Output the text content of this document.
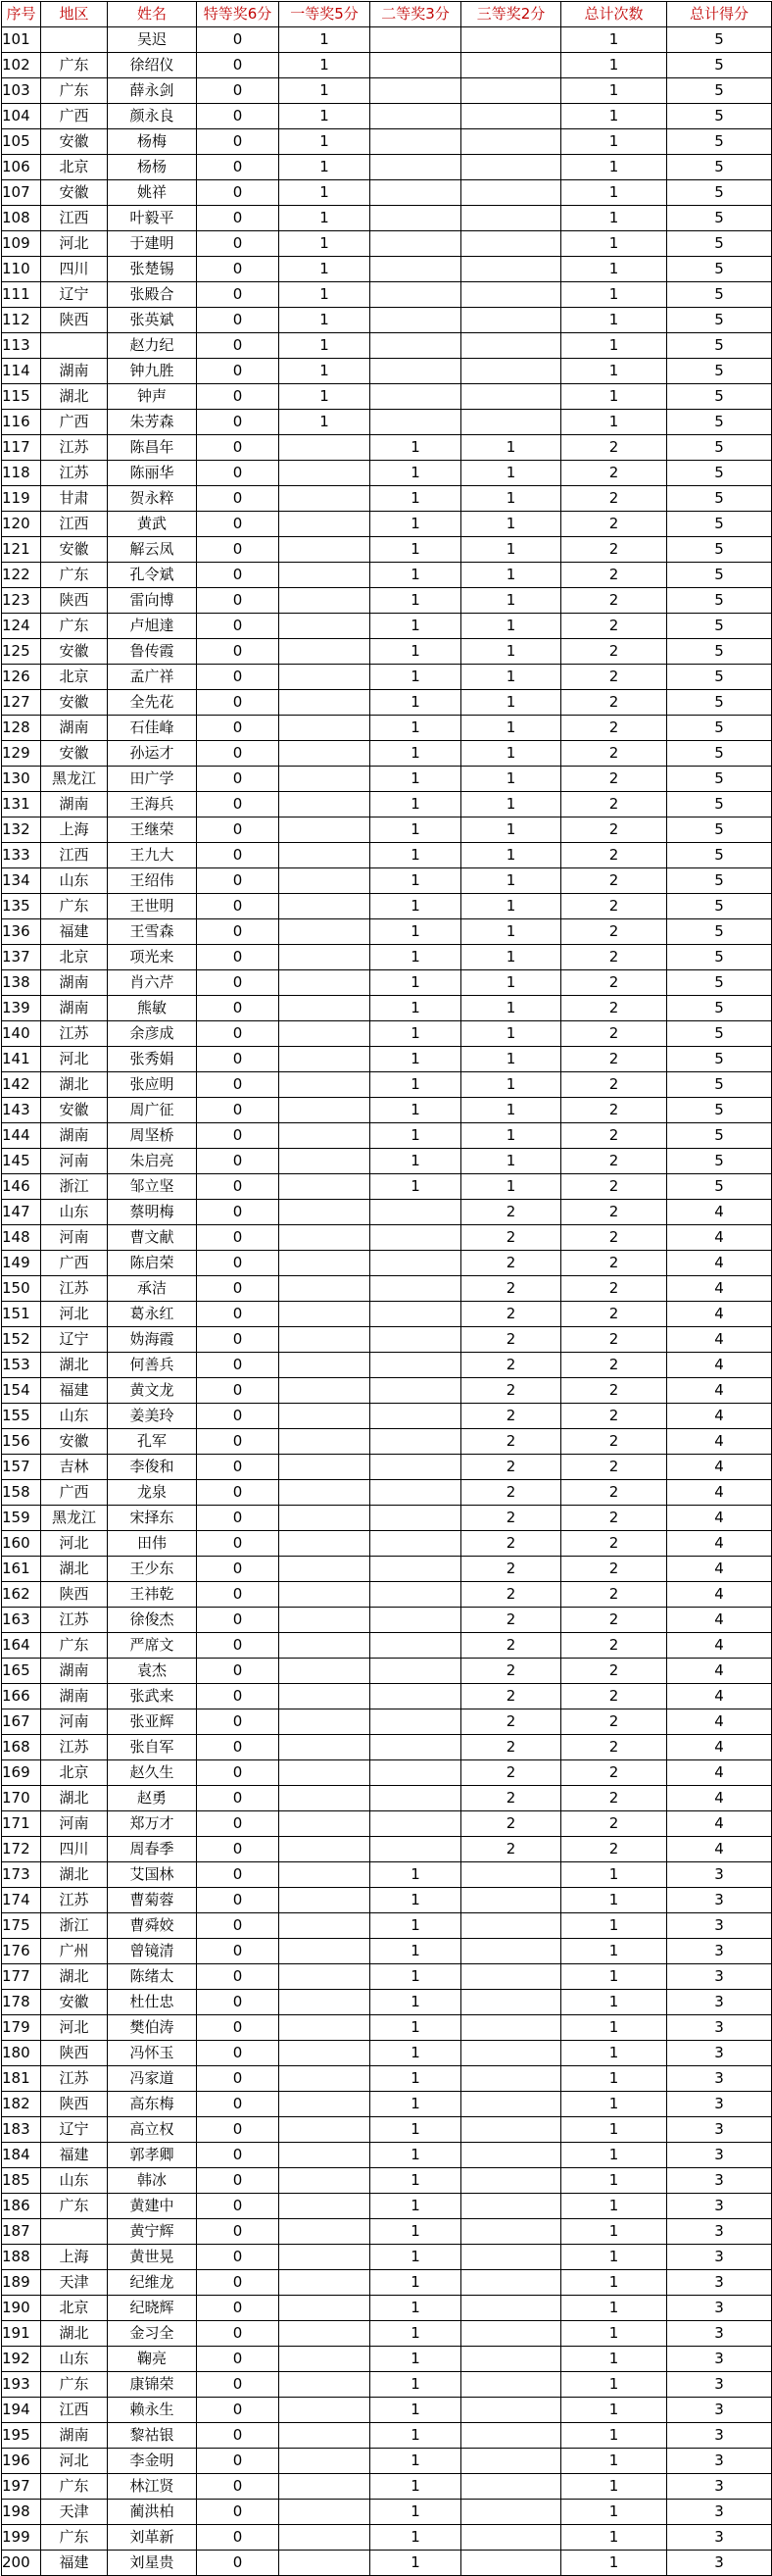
序号	地区	姓名	特等奖6分	一等奖5分	二等奖3分	三等奖2分	总计次数	总计得分
101		吴迟	0	1			1	5
102	广东	徐绍仪	0	1			1	5
103	广东	薛永剑	0	1			1	5
104	广西	颜永良	0	1			1	5
105	安徽	杨梅	0	1			1	5
106	北京	杨杨	0	1			1	5
107	安徽	姚祥	0	1			1	5
108	江西	叶毅平	0	1			1	5
109	河北	于建明	0	1			1	5
110	四川	张楚锡	0	1			1	5
111	辽宁	张殿合	0	1			1	5
112	陕西	张英斌	0	1			1	5
113		赵力纪	0	1			1	5
114	湖南	钟九胜	0	1			1	5
115	湖北	钟声	0	1			1	5
116	广西	朱芳森	0	1			1	5
117	江苏	陈昌年	0		1	1	2	5
118	江苏	陈丽华	0		1	1	2	5
119	甘肃	贺永粹	0		1	1	2	5
120	江西	黄武	0		1	1	2	5
121	安徽	解云凤	0		1	1	2	5
122	广东	孔令斌	0		1	1	2	5
123	陕西	雷向博	0		1	1	2	5
124	广东	卢旭達	0		1	1	2	5
125	安徽	鲁传霞	0		1	1	2	5
126	北京	孟广祥	0		1	1	2	5
127	安徽	全先花	0		1	1	2	5
128	湖南	石佳峰	0		1	1	2	5
129	安徽	孙运才	0		1	1	2	5
130	黑龙江	田广学	0		1	1	2	5
131	湖南	王海兵	0		1	1	2	5
132	上海	王继荣	0		1	1	2	5
133	江西	王九大	0		1	1	2	5
134	山东	王绍伟	0		1	1	2	5
135	广东	王世明	0		1	1	2	5
136	福建	王雪森	0		1	1	2	5
137	北京	项光来	0		1	1	2	5
138	湖南	肖六芹	0		1	1	2	5
139	湖南	熊敏	0		1	1	2	5
140	江苏	余彦成	0		1	1	2	5
141	河北	张秀娟	0		1	1	2	5
142	湖北	张应明	0		1	1	2	5
143	安徽	周广征	0		1	1	2	5
144	湖南	周坚桥	0		1	1	2	5
145	河南	朱启亮	0		1	1	2	5
146	浙江	邹立坚	0		1	1	2	5
147	山东	蔡明梅	0			2	2	4
148	河南	曹文献	0			2	2	4
149	广西	陈启荣	0			2	2	4
150	江苏	承洁	0			2	2	4
151	河北	葛永红	0			2	2	4
152	辽宁	妫海霞	0			2	2	4
153	湖北	何善兵	0			2	2	4
154	福建	黄文龙	0			2	2	4
155	山东	姜美玲	0			2	2	4
156	安徽	孔军	0			2	2	4
157	吉林	李俊和	0			2	2	4
158	广西	龙泉	0			2	2	4
159	黑龙江	宋择东	0			2	2	4
160	河北	田伟	0			2	2	4
161	湖北	王少东	0			2	2	4
162	陕西	王祎乾	0			2	2	4
163	江苏	徐俊杰	0			2	2	4
164	广东	严席文	0			2	2	4
165	湖南	袁杰	0			2	2	4
166	湖南	张武来	0			2	2	4
167	河南	张亚辉	0			2	2	4
168	江苏	张自军	0			2	2	4
169	北京	赵久生	0			2	2	4
170	湖北	赵勇	0			2	2	4
171	河南	郑万才	0			2	2	4
172	四川	周春季	0			2	2	4
173	湖北	艾国林	0		1		1	3
174	江苏	曹菊蓉	0		1		1	3
175	浙江	曹舜姣	0		1		1	3
176	广州	曾镜清	0		1		1	3
177	湖北	陈绪太	0		1		1	3
178	安徽	杜仕忠	0		1		1	3
179	河北	樊伯涛	0		1		1	3
180	陕西	冯怀玉	0		1		1	3
181	江苏	冯家道	0		1		1	3
182	陕西	高东梅	0		1		1	3
183	辽宁	高立权	0		1		1	3
184	福建	郭孝卿	0		1		1	3
185	山东	韩冰	0		1		1	3
186	广东	黄建中	0		1		1	3
187		黄宁辉	0		1		1	3
188	上海	黄世晃	0		1		1	3
189	天津	纪维龙	0		1		1	3
190	北京	纪晓辉	0		1		1	3
191	湖北	金习全	0		1		1	3
192	山东	鞠亮	0		1		1	3
193	广东	康锦荣	0		1		1	3
194	江西	赖永生	0		1		1	3
195	湖南	黎祜银	0		1		1	3
196	河北	李金明	0		1		1	3
197	广东	林江贤	0		1		1	3
198	天津	蔺洪柏	0		1		1	3
199	广东	刘革新	0		1		1	3
200	福建	刘星贵	0		1		1	3
